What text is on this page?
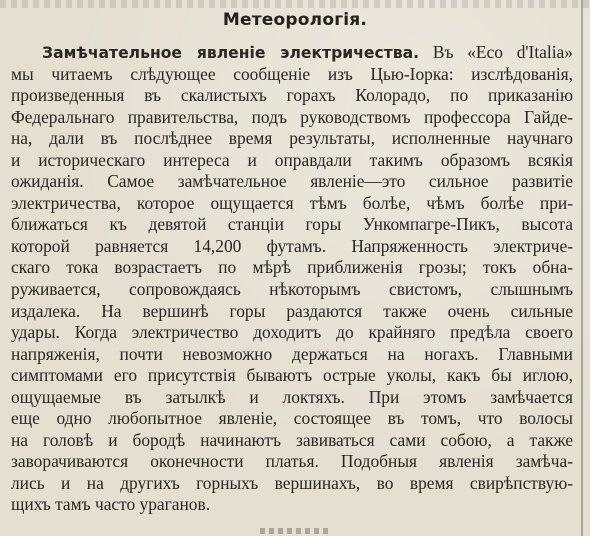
Метеорологія.
Замѣчательное явленіе электричества. Въ «Eco d'Italia»
мы читаемъ слѣдующее сообщеніе изъ Цью-Іорка: изслѣдованія,
произведенныя въ скалистыхъ горахъ Колорадо, по приказанію
Федеральнаго правительства, подъ руководствомъ профессора Гайде-
на, дали въ послѣднее время результаты, исполненные научнаго
и историческаго интереса и оправдали такимъ образомъ всякія
ожиданія. Самое замѣчательное явленіе—это сильное развитіе
электричества, которое ощущается тѣмъ болѣе, чѣмъ болѣе при-
ближаться къ девятой станціи горы Ункомпагре-Пикъ, высота
которой равняется 14,200 футамъ. Напряженность электриче-
скаго тока возрастаетъ по мѣрѣ приближенія грозы; токъ обна-
руживается, сопровождаясь нѣкоторымъ свистомъ, слышнымъ
издалека. На вершинѣ горы раздаются также очень сильные
удары. Когда электричество доходитъ до крайняго предѣла своего
напряженія, почти невозможно держаться на ногахъ. Главными
симптомами его присутствія бываютъ острые уколы, какъ бы иглою,
ощущаемые въ затылкѣ и локтяхъ. При этомъ замѣчается
еще одно любопытное явленіе, состоящее въ томъ, что волосы
на головѣ и бородѣ начинаютъ завиваться сами собою, а также
заворачиваются оконечности платья. Подобныя явленія замѣча-
лись и на другихъ горныхъ вершинахъ, во время свирѣпствую-
щихъ тамъ часто ураганов.
